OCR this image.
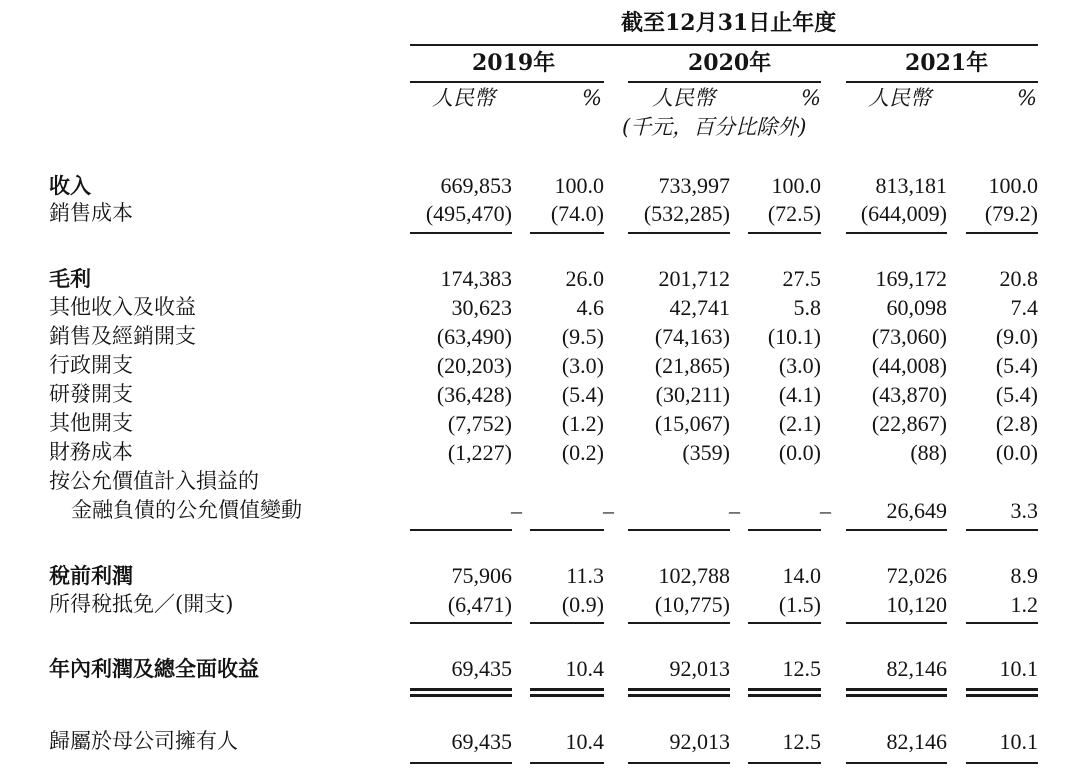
截至12月31日止年度
2019年	2020年	2021年
人民幣	% 人民幣	% 人民幣	%
(千元，百分比除外)
收入	669,853 100.0 733,997 100.0 813,181 100.0
銷售成本	(495,470) (74.0) (532,285) (72.5) (644,009) (79.2)
毛利	174,383 26.0 201,712 27.5 169,172 20.8
其他收入及收益	30,623	4.6	42,741	5.8	60,098	7.4
銷售及經銷開支	(63,490) (9.5) (74,163) (10.1) (73,060) (9.0)
行政開支	(20,203) (3.0) (21,865) (3.0) (44,008) (5.4)
研發開支	(36,428) (5.4) (30,211) (4.1) (43,870) (5.4)
其他開支	(7,752) (1.2) (15,067) (2.1) (22,867) (2.8)
財務成本	(1,227) (0.2)	(359) (0.0)	(88) (0.0)
按公允價值計入損益的
金融負債的公允價值變動	–	–	–	–	26,649	3.3
稅前利潤	75,906 11.3 102,788 14.0	72,026	8.9
所得稅抵免／(開支)	(6,471) (0.9) (10,775) (1.5)	10,120	1.2
年內利潤及總全面收益	69,435 10.4	92,013 12.5	82,146 10.1
歸屬於母公司擁有人	69,435 10.4	92,013 12.5	82,146 10.1
